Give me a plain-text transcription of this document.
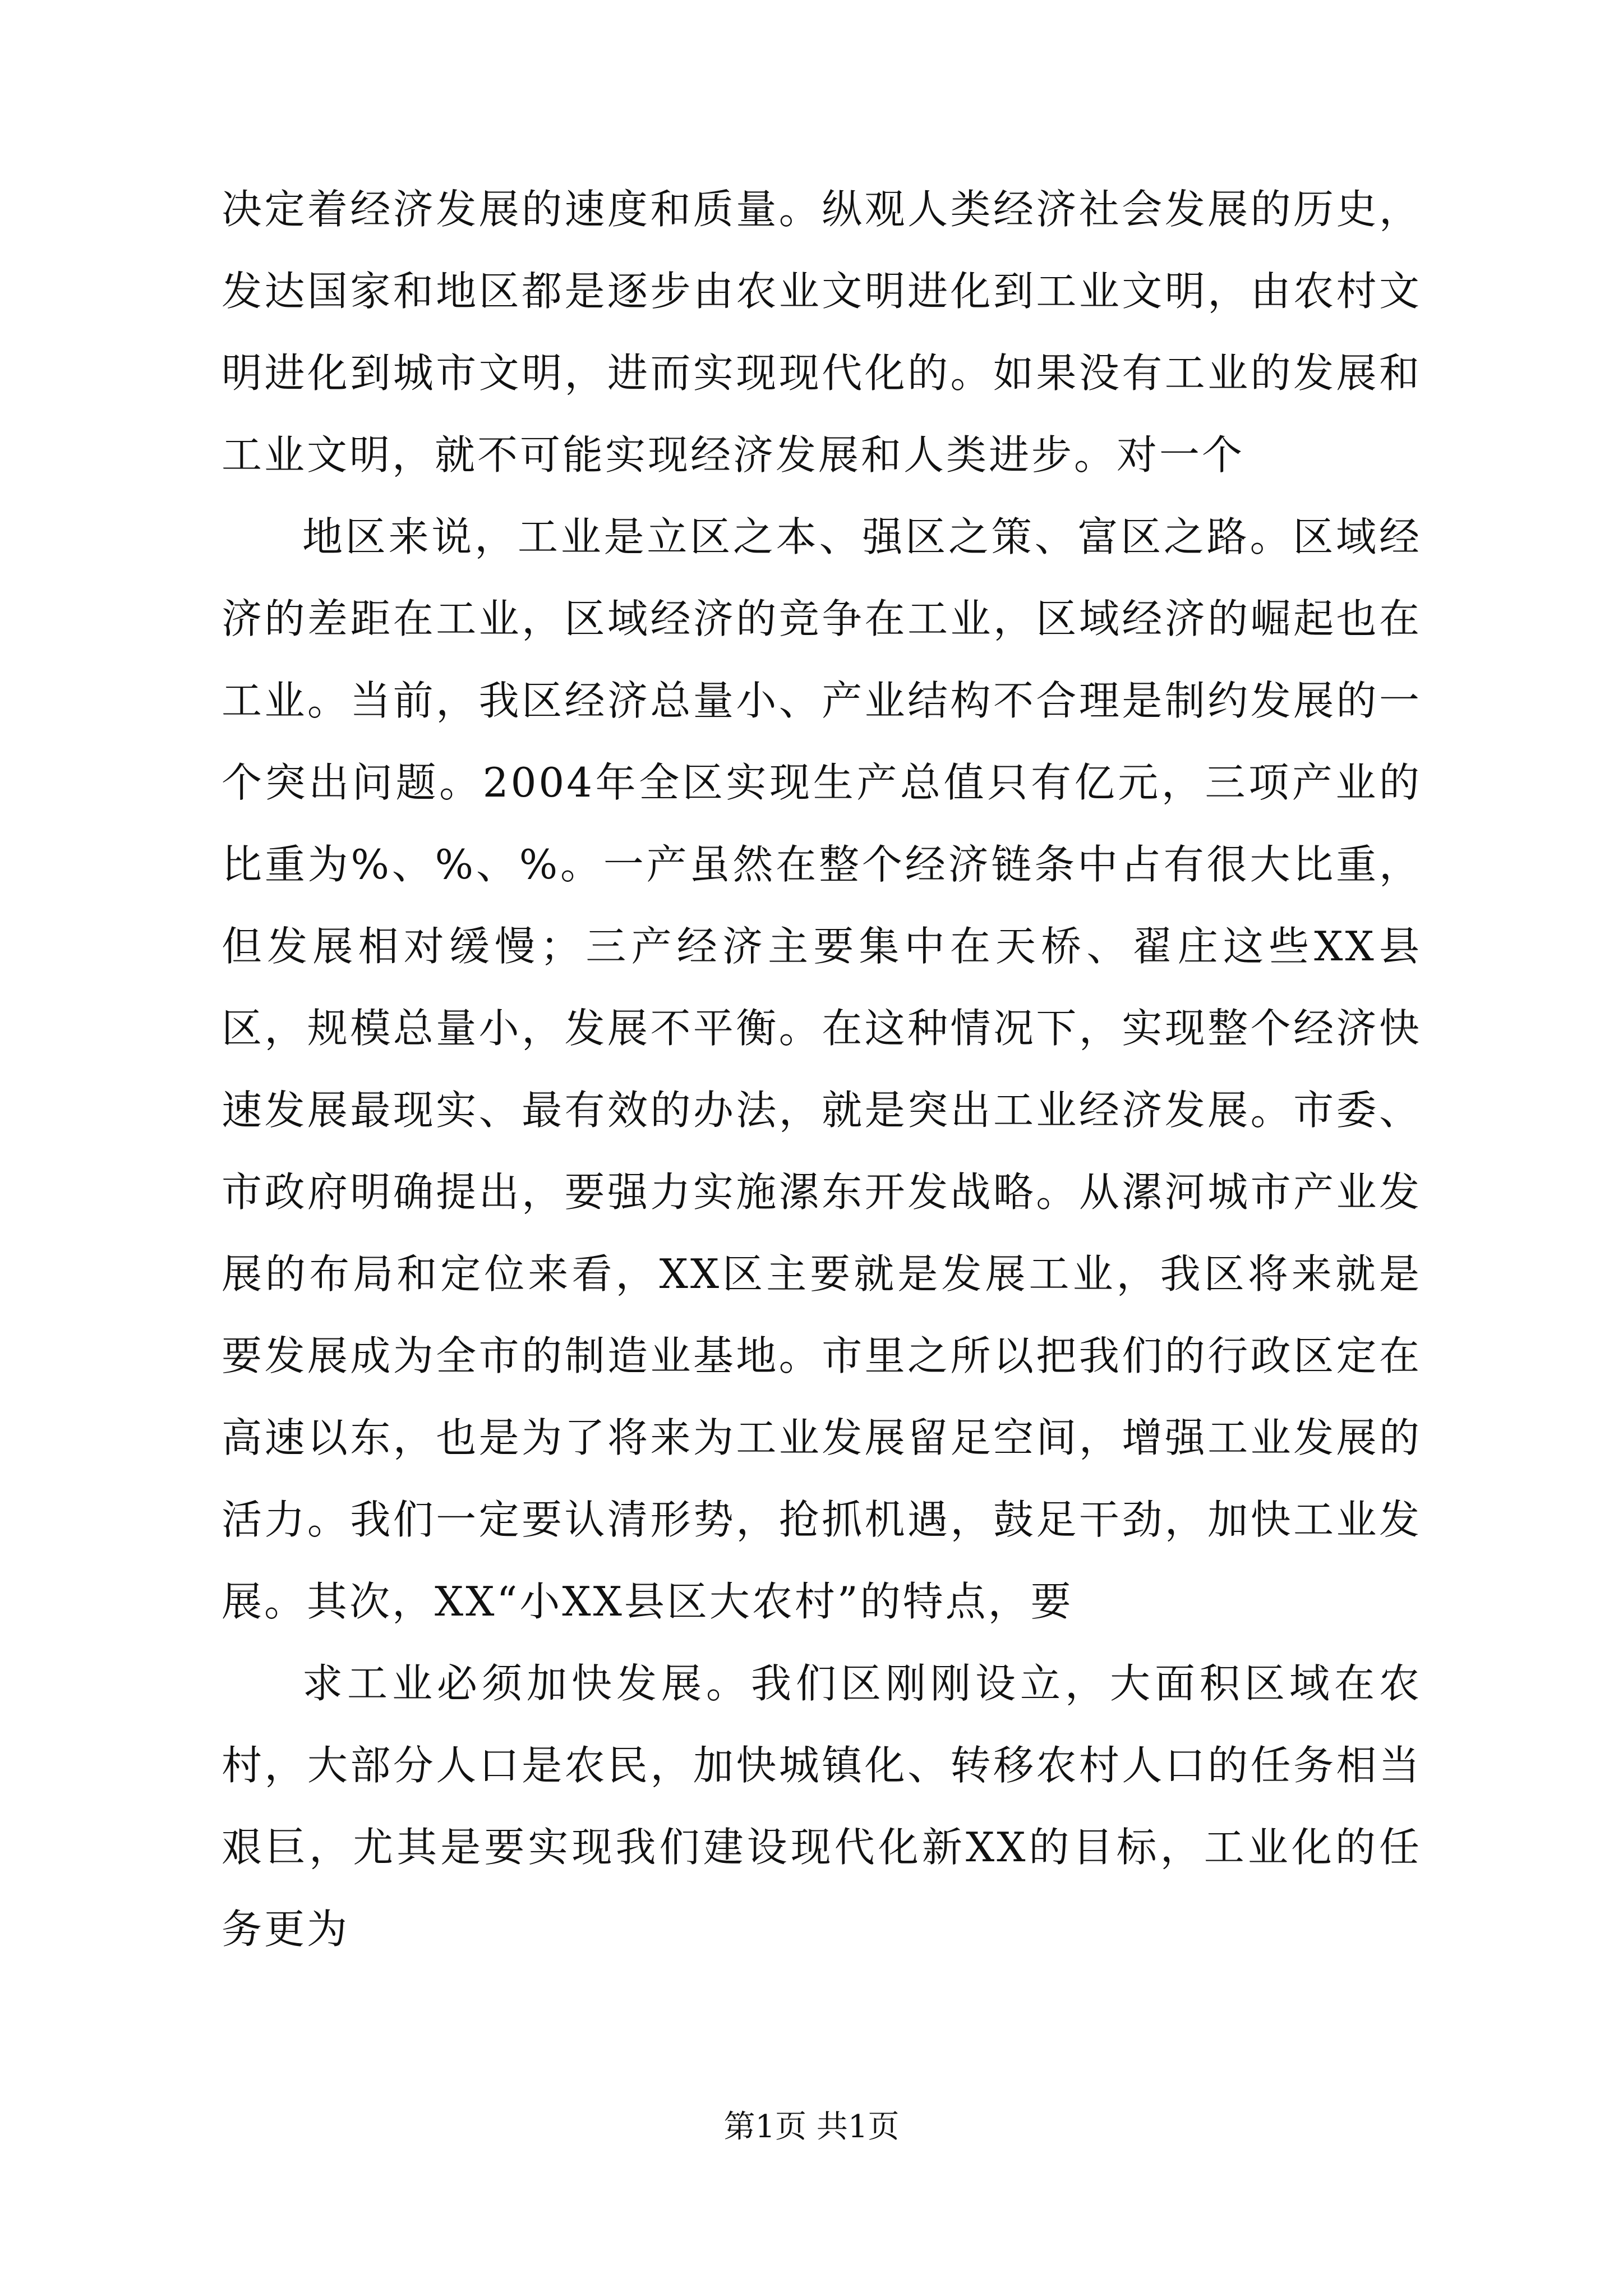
决定着经济发展的速度和质量。纵观人类经济社会发展的历史，发达国家和地区都是逐步由农业文明进化到工业文明，由农村文明进化到城市文明，进而实现现代化的。如果没有工业的发展和工业文明，就不可能实现经济发展和人类进步。对一个

地区来说，工业是立区之本、强区之策、富区之路。区域经济的差距在工业，区域经济的竞争在工业，区域经济的崛起也在工业。当前，我区经济总量小、产业结构不合理是制约发展的一个突出问题。2004年全区实现生产总值只有亿元，三项产业的比重为%、%、%。一产虽然在整个经济链条中占有很大比重，但发展相对缓慢；三产经济主要集中在天桥、翟庄这些XX县区，规模总量小，发展不平衡。在这种情况下，实现整个经济快速发展最现实、最有效的办法，就是突出工业经济发展。市委、市政府明确提出，要强力实施漯东开发战略。从漯河城市产业发展的布局和定位来看，XX区主要就是发展工业，我区将来就是要发展成为全市的制造业基地。市里之所以把我们的行政区定在高速以东，也是为了将来为工业发展留足空间，增强工业发展的活力。我们一定要认清形势，抢抓机遇，鼓足干劲，加快工业发展。其次，XX“小XX县区大农村”的特点，要

求工业必须加快发展。我们区刚刚设立，大面积区域在农村，大部分人口是农民，加快城镇化、转移农村人口的任务相当艰巨，尤其是要实现我们建设现代化新XX的目标，工业化的任务更为

第1页 共1页
